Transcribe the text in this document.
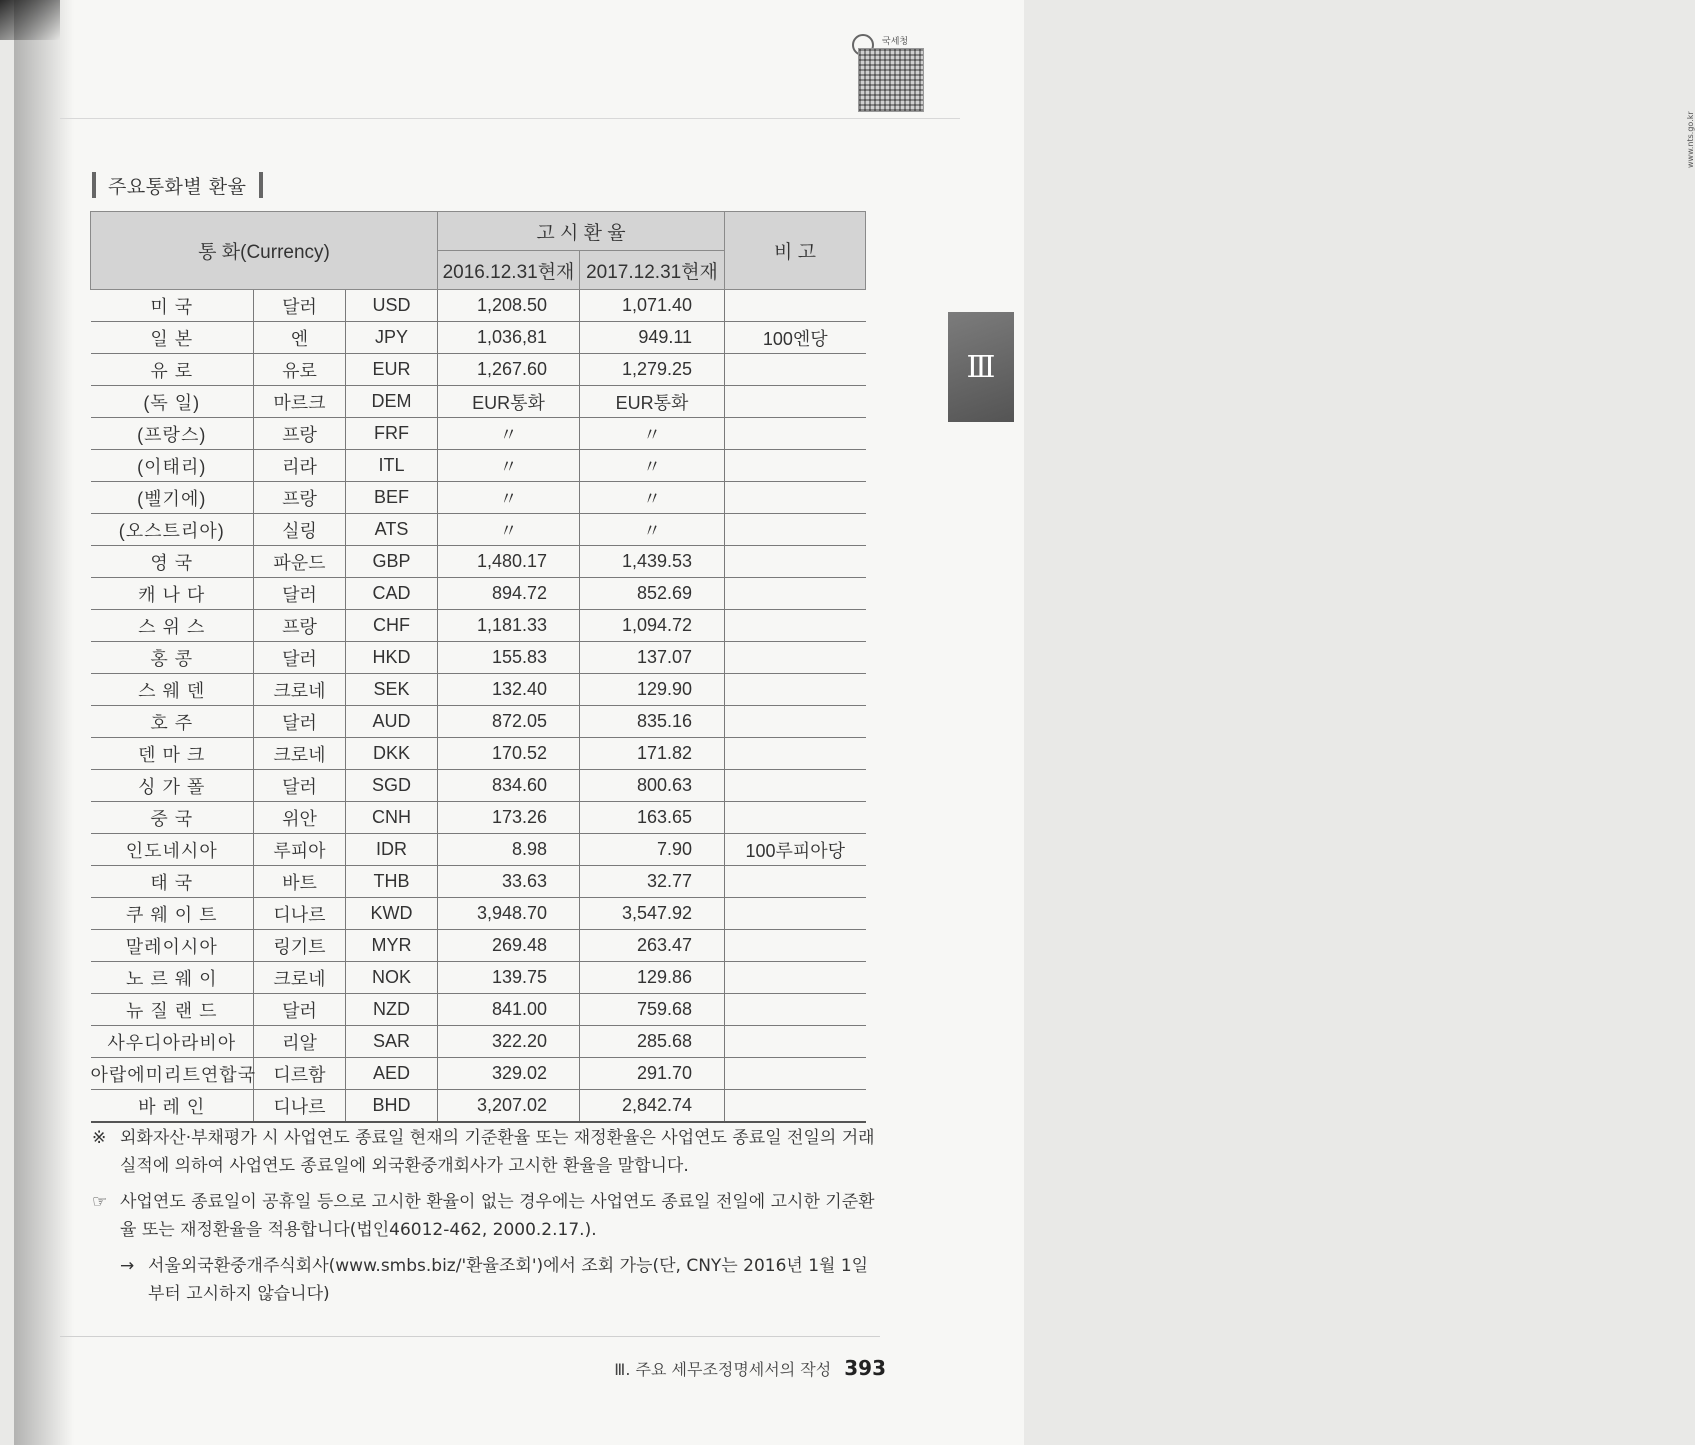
국세청
www.nts.go.kr
주요통화별 환율
Ⅲ
통 화(Currency)			고 시 환 율		비 고
			2016.12.31현재	2017.12.31현재	
미 국	달러	USD	1,208.50	1,071.40	
일 본	엔	JPY	1,036,81	949.11	100엔당
유 로	유로	EUR	1,267.60	1,279.25	
(독 일)	마르크	DEM	EUR통화	EUR통화	
(프랑스)	프랑	FRF	〃	〃	
(이태리)	리라	ITL	〃	〃	
(벨기에)	프랑	BEF	〃	〃	
(오스트리아)	실링	ATS	〃	〃	
영 국	파운드	GBP	1,480.17	1,439.53	
캐 나 다	달러	CAD	894.72	852.69	
스 위 스	프랑	CHF	1,181.33	1,094.72	
홍 콩	달러	HKD	155.83	137.07	
스 웨 덴	크로네	SEK	132.40	129.90	
호 주	달러	AUD	872.05	835.16	
덴 마 크	크로네	DKK	170.52	171.82	
싱 가 폴	달러	SGD	834.60	800.63	
중 국	위안	CNH	173.26	163.65	
인도네시아	루피아	IDR	8.98	7.90	100루피아당
태 국	바트	THB	33.63	32.77	
쿠 웨 이 트	디나르	KWD	3,948.70	3,547.92	
말레이시아	링기트	MYR	269.48	263.47	
노 르 웨 이	크로네	NOK	139.75	129.86	
뉴 질 랜 드	달러	NZD	841.00	759.68	
사우디아라비아	리알	SAR	322.20	285.68	
아랍에미리트연합국	디르함	AED	329.02	291.70	
바 레 인	디나르	BHD	3,207.02	2,842.74	
※ 외화자산·부채평가 시 사업연도 종료일 현재의 기준환율 또는 재정환율은 사업연도 종료일 전일의 거래실적에 의하여 사업연도 종료일에 외국환중개회사가 고시한 환율을 말합니다.
☞ 사업연도 종료일이 공휴일 등으로 고시한 환율이 없는 경우에는 사업연도 종료일 전일에 고시한 기준환율 또는 재정환율을 적용합니다(법인46012-462, 2000.2.17.).
→ 서울외국환중개주식회사(www.smbs.biz/'환율조회')에서 조회 가능(단, CNY는 2016년 1월 1일부터 고시하지 않습니다)
Ⅲ. 주요 세무조정명세서의 작성 393
